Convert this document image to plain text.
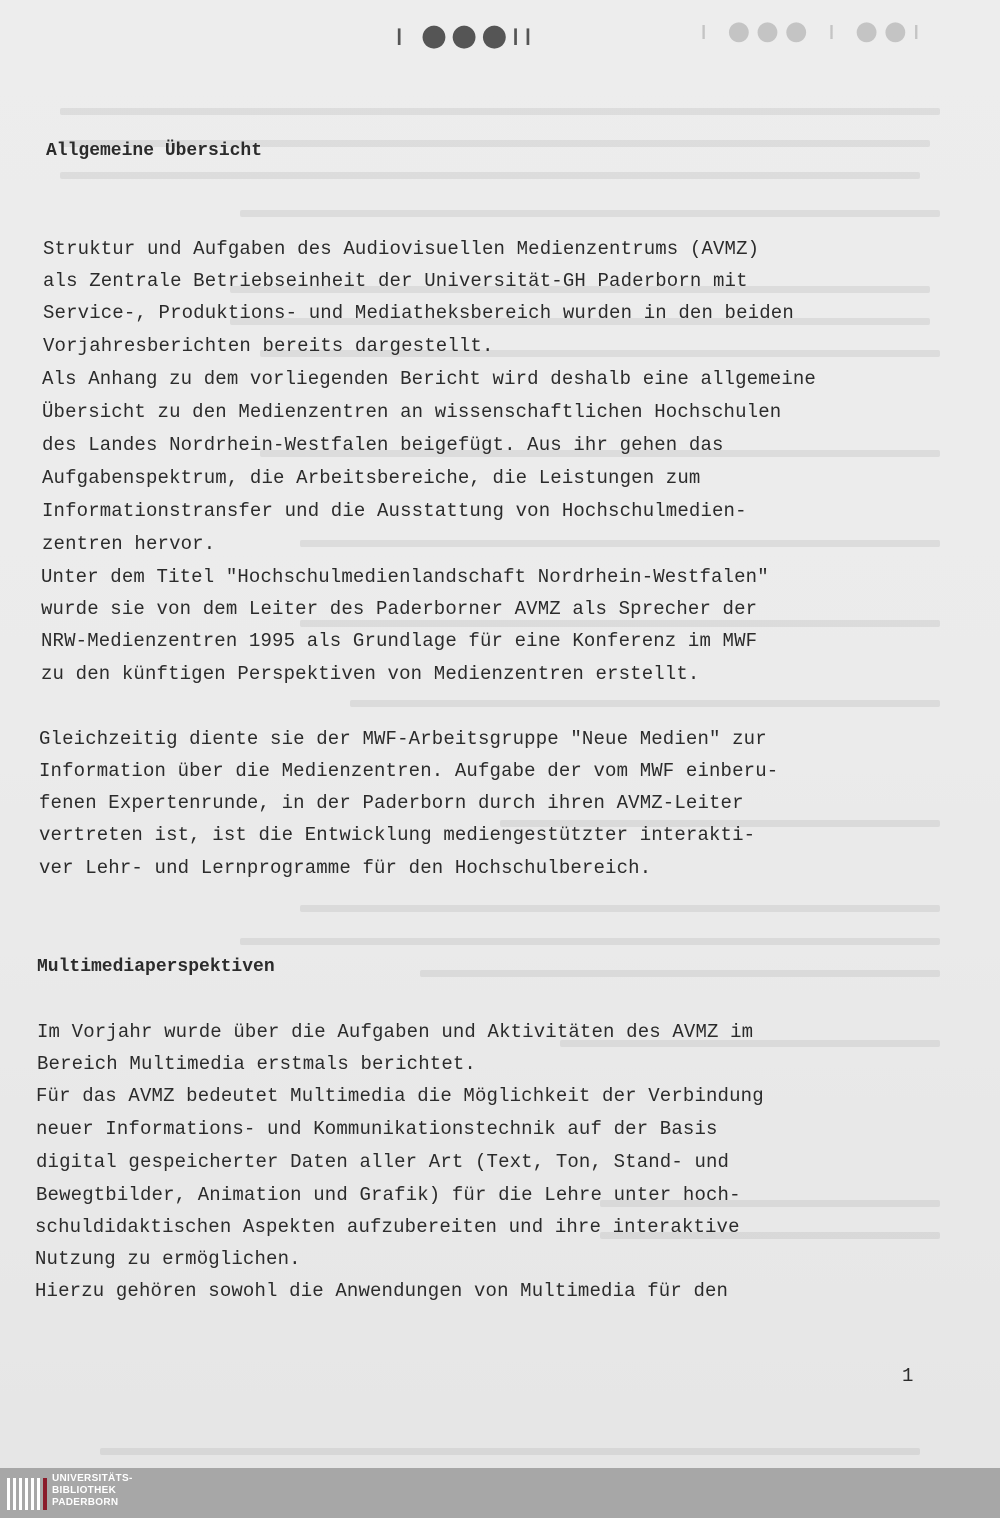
ı ●●●ıı	ı ●●● ı ●●ı
Allgemeine Übersicht
Struktur und Aufgaben des Audiovisuellen Medienzentrums (AVMZ)
als Zentrale Betriebseinheit der Universität-GH Paderborn mit
Service-, Produktions- und Mediatheksbereich wurden in den beiden
Vorjahresberichten bereits dargestellt.
Als Anhang zu dem vorliegenden Bericht wird deshalb eine allgemeine
Übersicht zu den Medienzentren an wissenschaftlichen Hochschulen
des Landes Nordrhein-Westfalen beigefügt. Aus ihr gehen das
Aufgabenspektrum, die Arbeitsbereiche, die Leistungen zum
Informationstransfer und die Ausstattung von Hochschulmedien-
zentren hervor.
Unter dem Titel "Hochschulmedienlandschaft Nordrhein-Westfalen"
wurde sie von dem Leiter des Paderborner AVMZ als Sprecher der
NRW-Medienzentren 1995 als Grundlage für eine Konferenz im MWF
zu den künftigen Perspektiven von Medienzentren erstellt.
Gleichzeitig diente sie der MWF-Arbeitsgruppe "Neue Medien" zur
Information über die Medienzentren. Aufgabe der vom MWF einberu-
fenen Expertenrunde, in der Paderborn durch ihren AVMZ-Leiter
vertreten ist, ist die Entwicklung mediengestützter interakti-
ver Lehr- und Lernprogramme für den Hochschulbereich.
Multimediaperspektiven
Im Vorjahr wurde über die Aufgaben und Aktivitäten des AVMZ im
Bereich Multimedia erstmals berichtet.
Für das AVMZ bedeutet Multimedia die Möglichkeit der Verbindung
neuer Informations- und Kommunikationstechnik auf der Basis
digital gespeicherter Daten aller Art (Text, Ton, Stand- und
Bewegtbilder, Animation und Grafik) für die Lehre unter hoch-
schuldidaktischen Aspekten aufzubereiten und ihre interaktive
Nutzung zu ermöglichen.
Hierzu gehören sowohl die Anwendungen von Multimedia für den
1
UNIVERSITÄTS-
BIBLIOTHEK
PADERBORN
